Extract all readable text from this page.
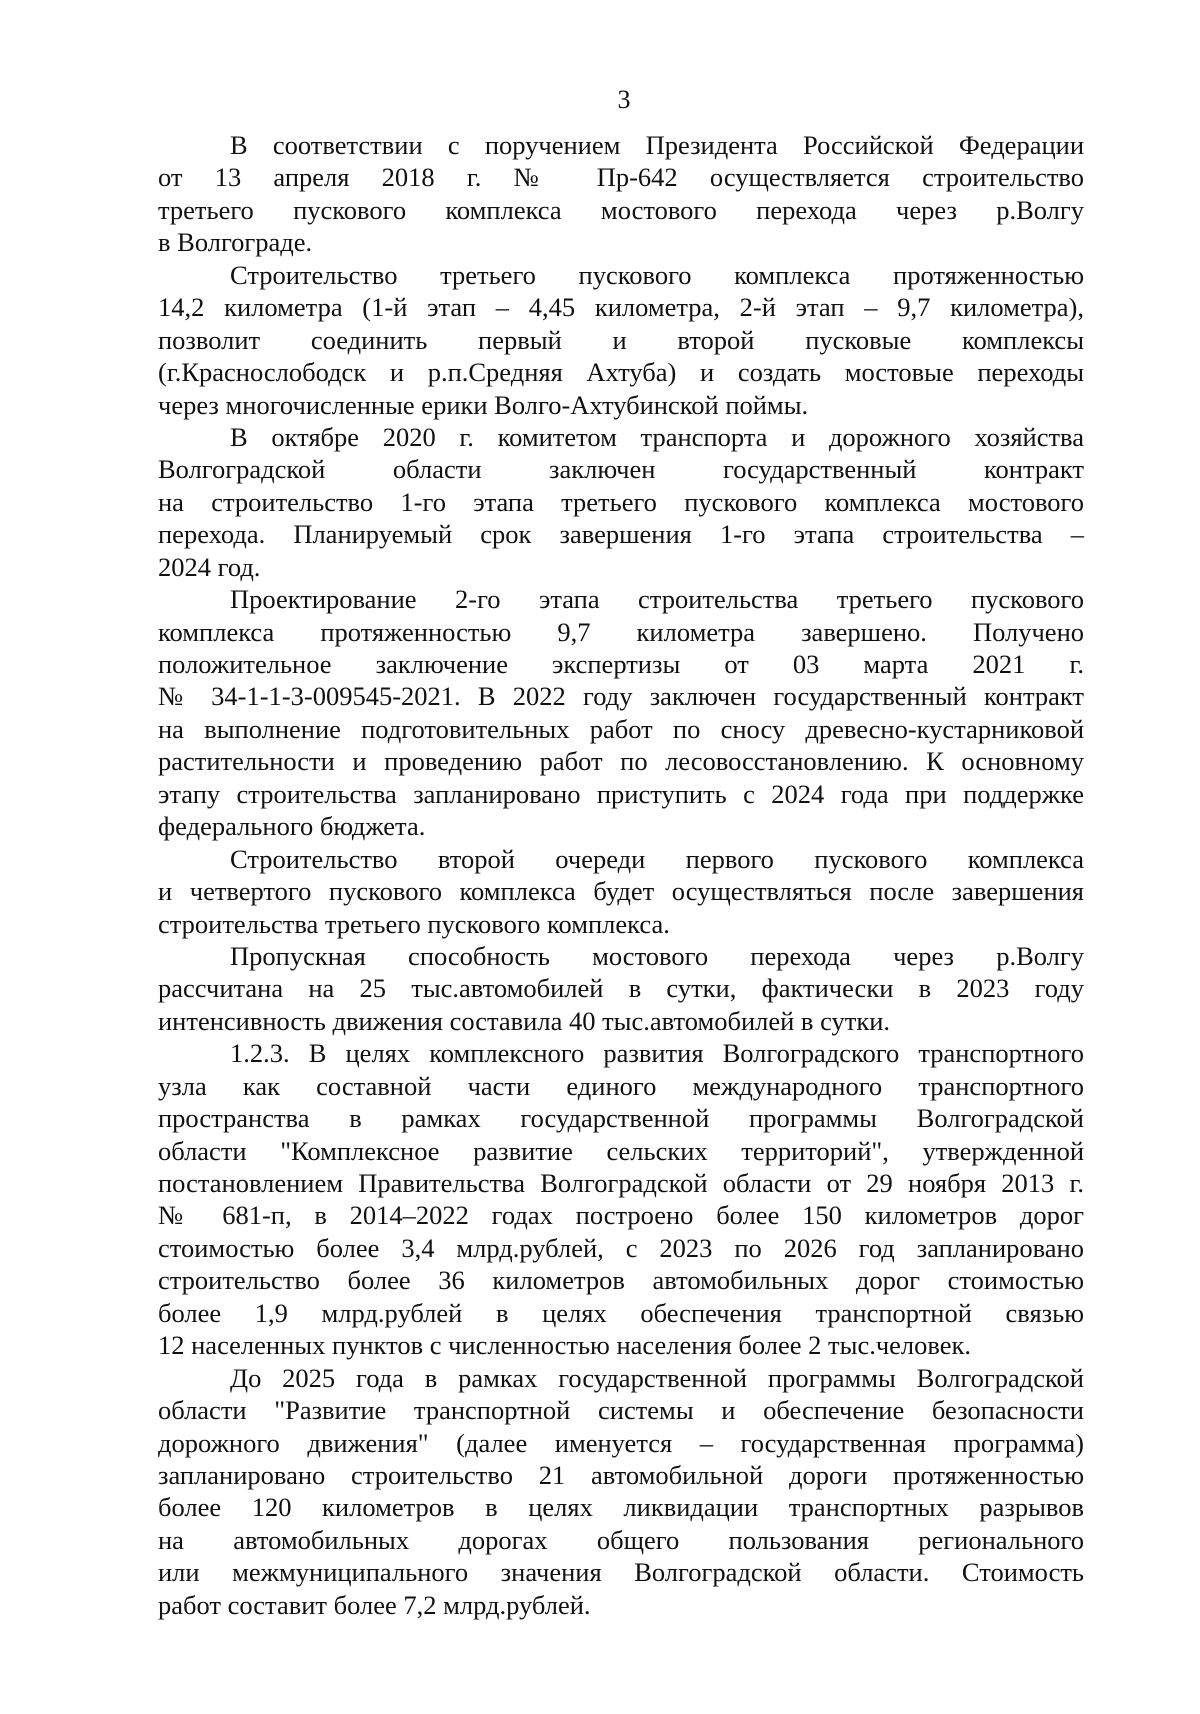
3
В соответствии с поручением Президента Российской Федерации
от 13 апреля 2018 г. № Пр-642 осуществляется строительство
третьего пускового комплекса мостового перехода через р.Волгу
в Волгограде.
Строительство третьего пускового комплекса протяженностью
14,2 километра (1-й этап – 4,45 километра, 2-й этап – 9,7 километра),
позволит соединить первый и второй пусковые комплексы
(г.Краснослободск и р.п.Средняя Ахтуба) и создать мостовые переходы
через многочисленные ерики Волго-Ахтубинской поймы.
В октябре 2020 г. комитетом транспорта и дорожного хозяйства
Волгоградской области заключен государственный контракт
на строительство 1-го этапа третьего пускового комплекса мостового
перехода. Планируемый срок завершения 1-го этапа строительства –
2024 год.
Проектирование 2-го этапа строительства третьего пускового
комплекса протяженностью 9,7 километра завершено. Получено
положительное заключение экспертизы от 03 марта 2021 г.
№ 34-1-1-3-009545-2021. В 2022 году заключен государственный контракт
на выполнение подготовительных работ по сносу древесно-кустарниковой
растительности и проведению работ по лесовосстановлению. К основному
этапу строительства запланировано приступить с 2024 года при поддержке
федерального бюджета.
Строительство второй очереди первого пускового комплекса
и четвертого пускового комплекса будет осуществляться после завершения
строительства третьего пускового комплекса.
Пропускная способность мостового перехода через р.Волгу
рассчитана на 25 тыс.автомобилей в сутки, фактически в 2023 году
интенсивность движения составила 40 тыс.автомобилей в сутки.
1.2.3. В целях комплексного развития Волгоградского транспортного
узла как составной части единого международного транспортного
пространства в рамках государственной программы Волгоградской
области "Комплексное развитие сельских территорий", утвержденной
постановлением Правительства Волгоградской области от 29 ноября 2013 г.
№ 681-п, в 2014–2022 годах построено более 150 километров дорог
стоимостью более 3,4 млрд.рублей, с 2023 по 2026 год запланировано
строительство более 36 километров автомобильных дорог стоимостью
более 1,9 млрд.рублей в целях обеспечения транспортной связью
12 населенных пунктов с численностью населения более 2 тыс.человек.
До 2025 года в рамках государственной программы Волгоградской
области "Развитие транспортной системы и обеспечение безопасности
дорожного движения" (далее именуется – государственная программа)
запланировано строительство 21 автомобильной дороги протяженностью
более 120 километров в целях ликвидации транспортных разрывов
на автомобильных дорогах общего пользования регионального
или межмуниципального значения Волгоградской области. Стоимость
работ составит более 7,2 млрд.рублей.
